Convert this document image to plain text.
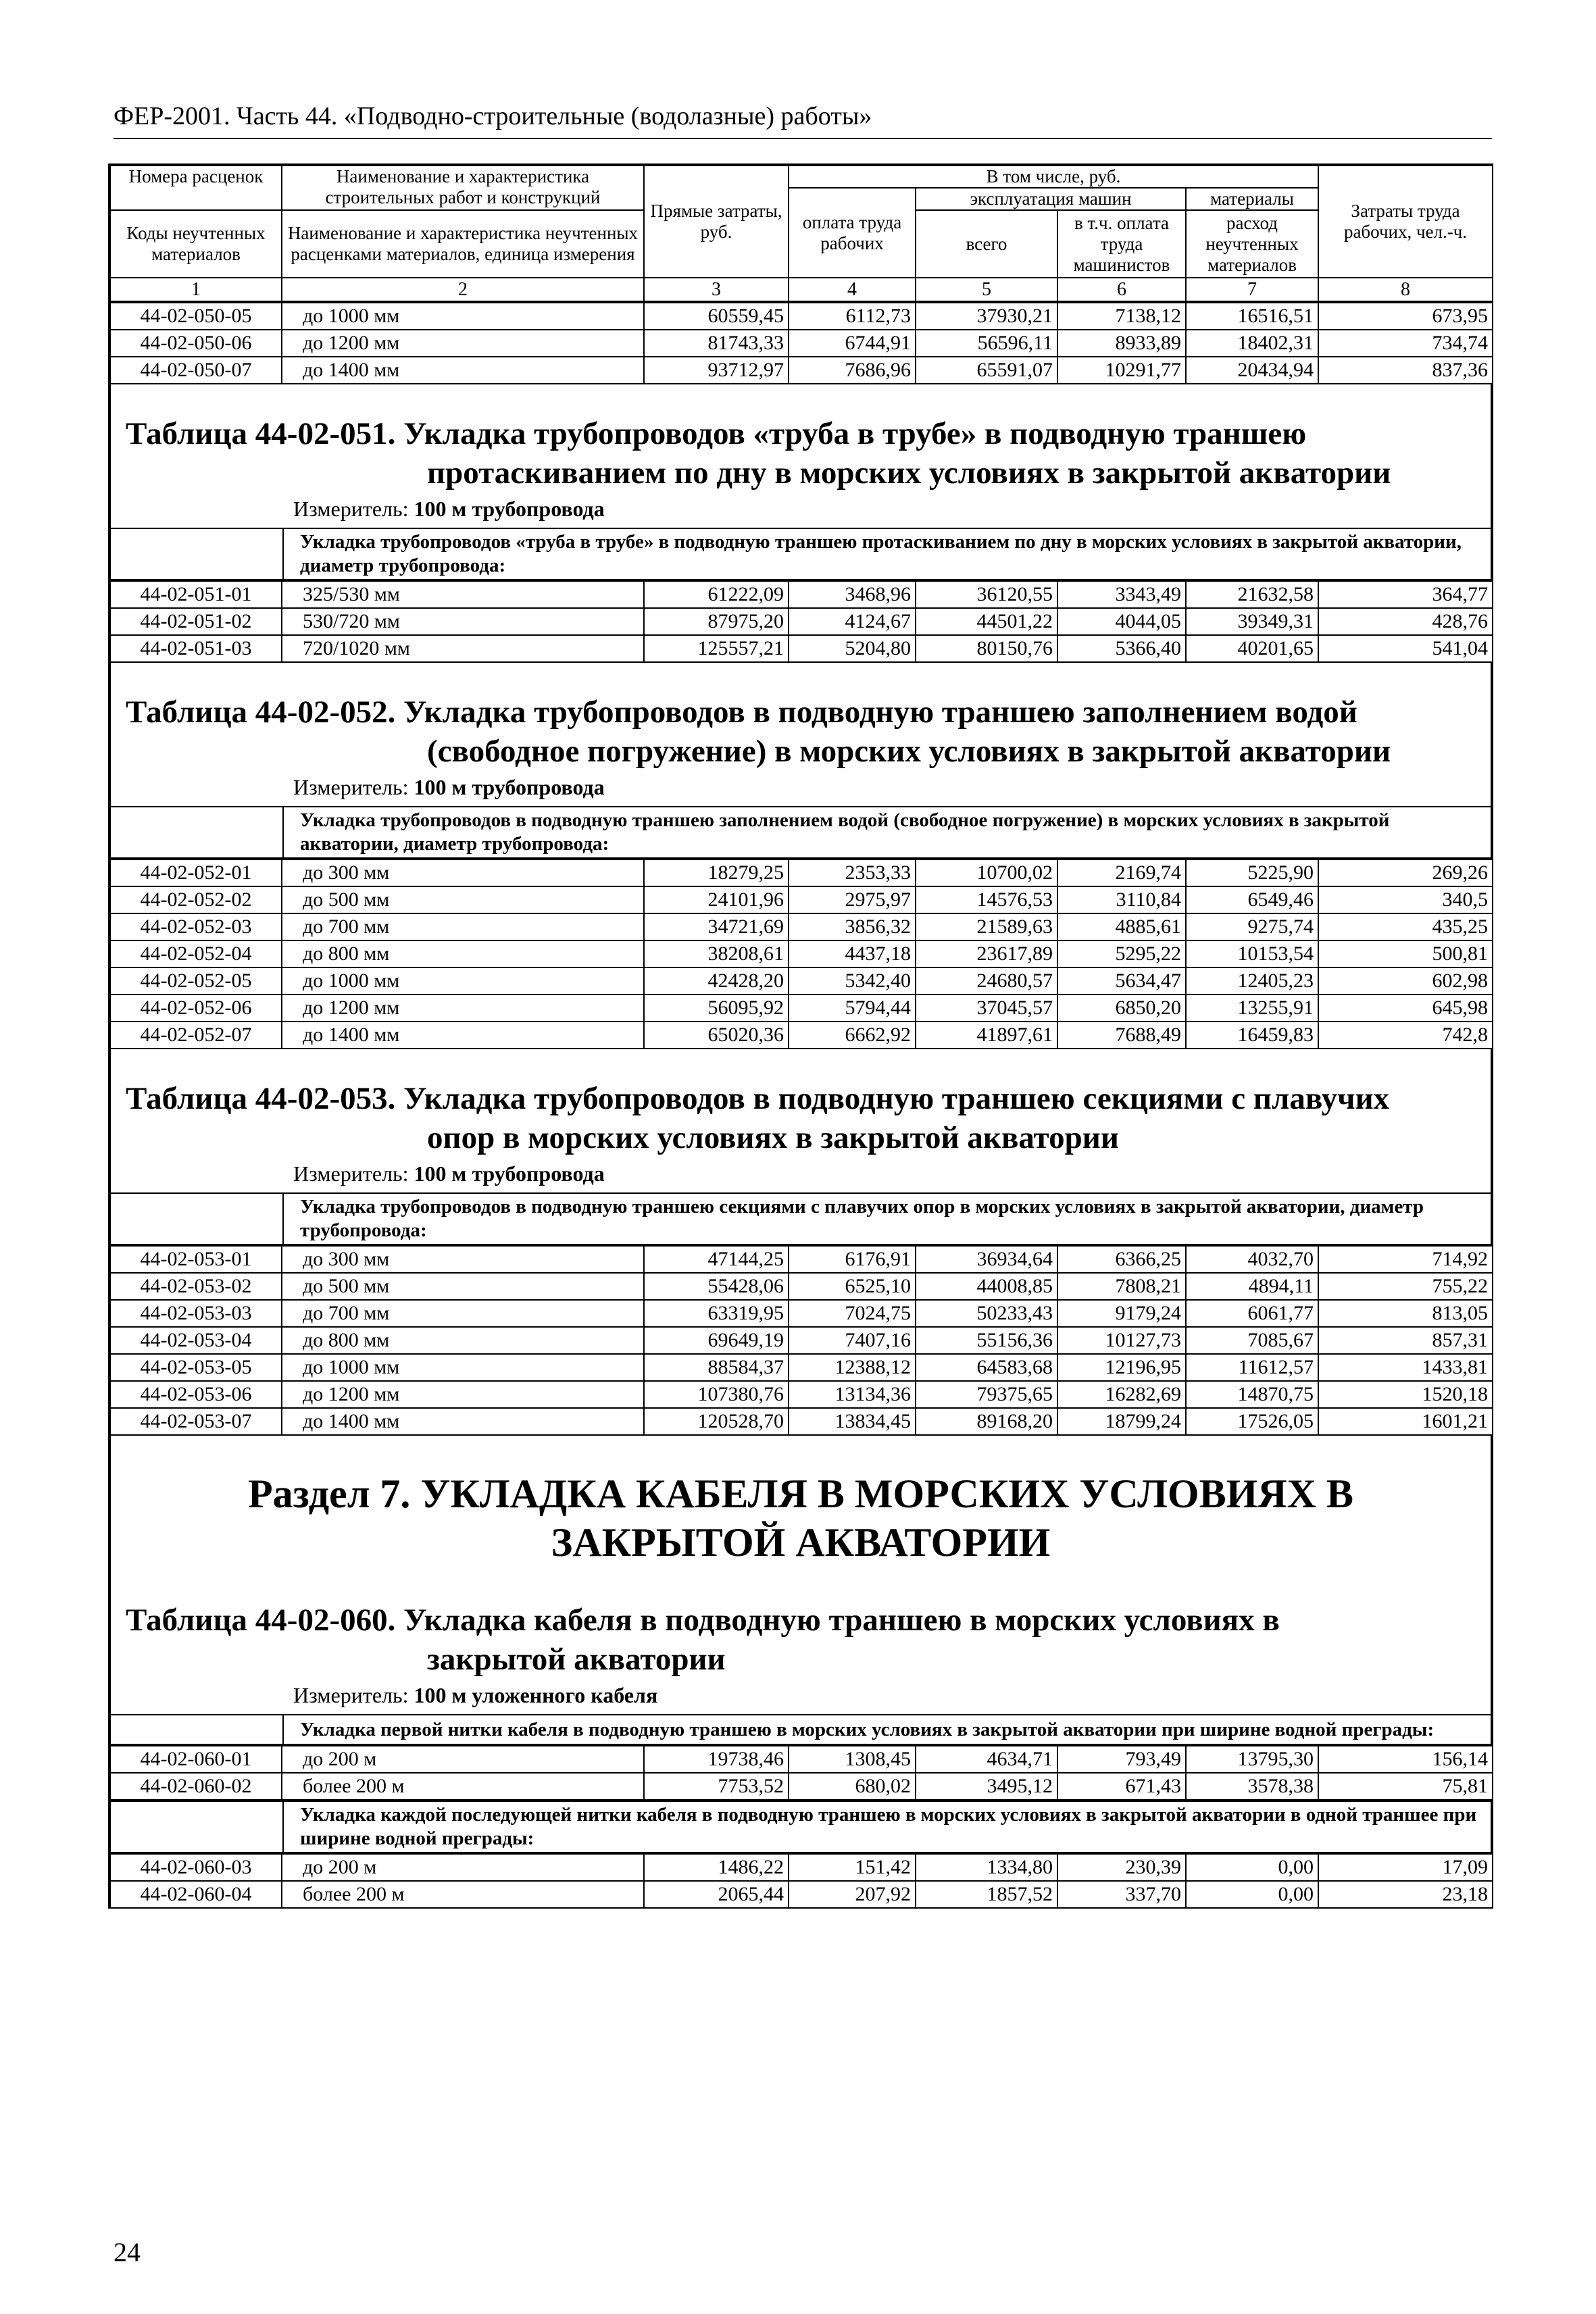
ФЕР-2001. Часть 44. «Подводно-строительные (водолазные) работы»
Номера расценок	Наименование и характеристика строительных работ и конструкций	Прямые затраты, руб.	В том числе, руб.				Затраты труда рабочих, чел.-ч.
			оплата труда рабочих	эксплуатация машин		материалы	
Коды неучтенных материалов	Наименование и характеристика неучтенных расценками материалов, единица измерения			всего	в т.ч. оплата труда машинистов	расход неучтенных материалов	

1	2	3	4	5	6	7	8
44-02-050-05	до 1000 мм	60559,45	6112,73	37930,21	7138,12	16516,51	673,95
44-02-050-06	до 1200 мм	81743,33	6744,91	56596,11	8933,89	18402,31	734,74
44-02-050-07	до 1400 мм	93712,97	7686,96	65591,07	10291,77	20434,94	837,36
Таблица 44-02-051. Укладка трубопроводов «труба в трубе» в подводную траншею
протаскиванием по дну в морских условиях в закрытой акватории
Измеритель: 100 м трубопровода
	Укладка трубопроводов «труба в трубе» в подводную траншею протаскиванием по дну в морских условиях в закрытой акватории, диаметр трубопровода:
44-02-051-01	325/530 мм	61222,09	3468,96	36120,55	3343,49	21632,58	364,77
44-02-051-02	530/720 мм	87975,20	4124,67	44501,22	4044,05	39349,31	428,76
44-02-051-03	720/1020 мм	125557,21	5204,80	80150,76	5366,40	40201,65	541,04
Таблица 44-02-052. Укладка трубопроводов в подводную траншею заполнением водой
(свободное погружение) в морских условиях в закрытой акватории
Измеритель: 100 м трубопровода
	Укладка трубопроводов в подводную траншею заполнением водой (свободное погружение) в морских условиях в закрытой акватории, диаметр трубопровода:
44-02-052-01	до 300 мм	18279,25	2353,33	10700,02	2169,74	5225,90	269,26
44-02-052-02	до 500 мм	24101,96	2975,97	14576,53	3110,84	6549,46	340,5
44-02-052-03	до 700 мм	34721,69	3856,32	21589,63	4885,61	9275,74	435,25
44-02-052-04	до 800 мм	38208,61	4437,18	23617,89	5295,22	10153,54	500,81
44-02-052-05	до 1000 мм	42428,20	5342,40	24680,57	5634,47	12405,23	602,98
44-02-052-06	до 1200 мм	56095,92	5794,44	37045,57	6850,20	13255,91	645,98
44-02-052-07	до 1400 мм	65020,36	6662,92	41897,61	7688,49	16459,83	742,8
Таблица 44-02-053. Укладка трубопроводов в подводную траншею секциями с плавучих
опор в морских условиях в закрытой акватории
Измеритель: 100 м трубопровода
	Укладка трубопроводов в подводную траншею секциями с плавучих опор в морских условиях в закрытой акватории, диаметр трубопровода:
44-02-053-01	до 300 мм	47144,25	6176,91	36934,64	6366,25	4032,70	714,92
44-02-053-02	до 500 мм	55428,06	6525,10	44008,85	7808,21	4894,11	755,22
44-02-053-03	до 700 мм	63319,95	7024,75	50233,43	9179,24	6061,77	813,05
44-02-053-04	до 800 мм	69649,19	7407,16	55156,36	10127,73	7085,67	857,31
44-02-053-05	до 1000 мм	88584,37	12388,12	64583,68	12196,95	11612,57	1433,81
44-02-053-06	до 1200 мм	107380,76	13134,36	79375,65	16282,69	14870,75	1520,18
44-02-053-07	до 1400 мм	120528,70	13834,45	89168,20	18799,24	17526,05	1601,21
Раздел 7. УКЛАДКА КАБЕЛЯ В МОРСКИХ УСЛОВИЯХ В ЗАКРЫТОЙ АКВАТОРИИ
Таблица 44-02-060. Укладка кабеля в подводную траншею в морских условиях в
закрытой акватории
Измеритель: 100 м уложенного кабеля
	Укладка первой нитки кабеля в подводную траншею в морских условиях в закрытой акватории при ширине водной преграды:
44-02-060-01	до 200 м	19738,46	1308,45	4634,71	793,49	13795,30	156,14
44-02-060-02	более 200 м	7753,52	680,02	3495,12	671,43	3578,38	75,81
	Укладка каждой последующей нитки кабеля в подводную траншею в морских условиях в закрытой акватории в одной траншее при ширине водной преграды:
44-02-060-03	до 200 м	1486,22	151,42	1334,80	230,39	0,00	17,09
44-02-060-04	более 200 м	2065,44	207,92	1857,52	337,70	0,00	23,18
24
